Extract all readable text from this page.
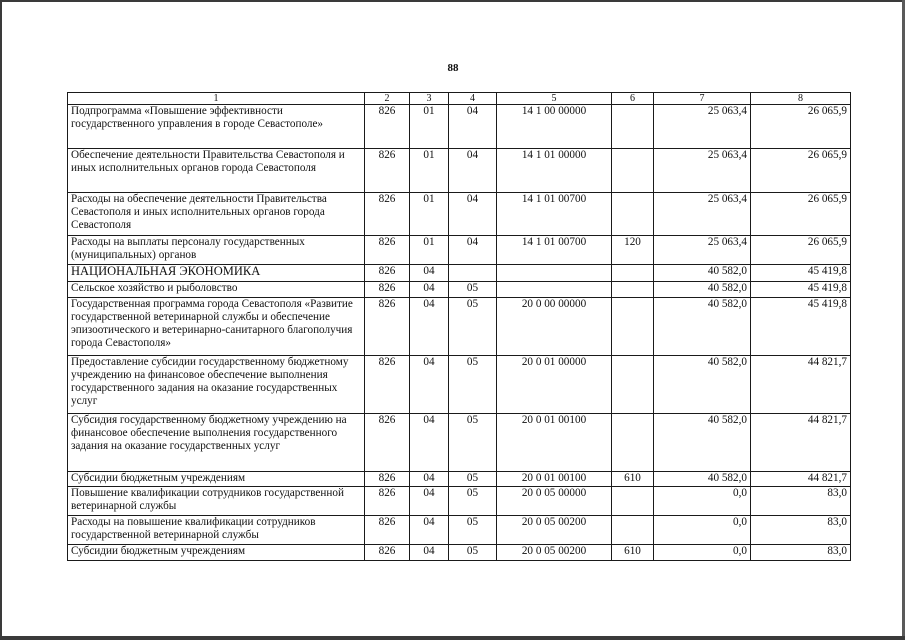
88
1	2	3	4	5	6	7	8
Подпрограмма «Повышение эффективности государственного управления в городе Севастополе»	826	01	04	14 1 00 00000		25 063,4	26 065,9
Обеспечение деятельности Правительства Севастополя и иных исполнительных органов города Севастополя	826	01	04	14 1 01 00000		25 063,4	26 065,9
Расходы на обеспечение деятельности Правительства Севастополя и иных исполнительных органов города Севастополя	826	01	04	14 1 01 00700		25 063,4	26 065,9
Расходы на выплаты персоналу государственных (муниципальных) органов	826	01	04	14 1 01 00700	120	25 063,4	26 065,9
НАЦИОНАЛЬНАЯ ЭКОНОМИКА	826	04				40 582,0	45 419,8
Сельское хозяйство и рыболовство	826	04	05			40 582,0	45 419,8
Государственная программа города Севастополя «Развитие государственной ветеринарной службы и обеспечение эпизоотического и ветеринарно-санитарного благополучия города Севастополя»	826	04	05	20 0 00 00000		40 582,0	45 419,8
Предоставление субсидии государственному бюджетному учреждению на финансовое обеспечение выполнения государственного задания на оказание государственных услуг	826	04	05	20 0 01 00000		40 582,0	44 821,7
Субсидия государственному бюджетному учреждению на финансовое обеспечение выполнения государственного задания на оказание государственных услуг	826	04	05	20 0 01 00100		40 582,0	44 821,7
Субсидии бюджетным учреждениям	826	04	05	20 0 01 00100	610	40 582,0	44 821,7
Повышение квалификации сотрудников государственной ветеринарной службы	826	04	05	20 0 05 00000		0,0	83,0
Расходы на повышение квалификации сотрудников государственной ветеринарной службы	826	04	05	20 0 05 00200		0,0	83,0
Субсидии бюджетным учреждениям	826	04	05	20 0 05 00200	610	0,0	83,0
